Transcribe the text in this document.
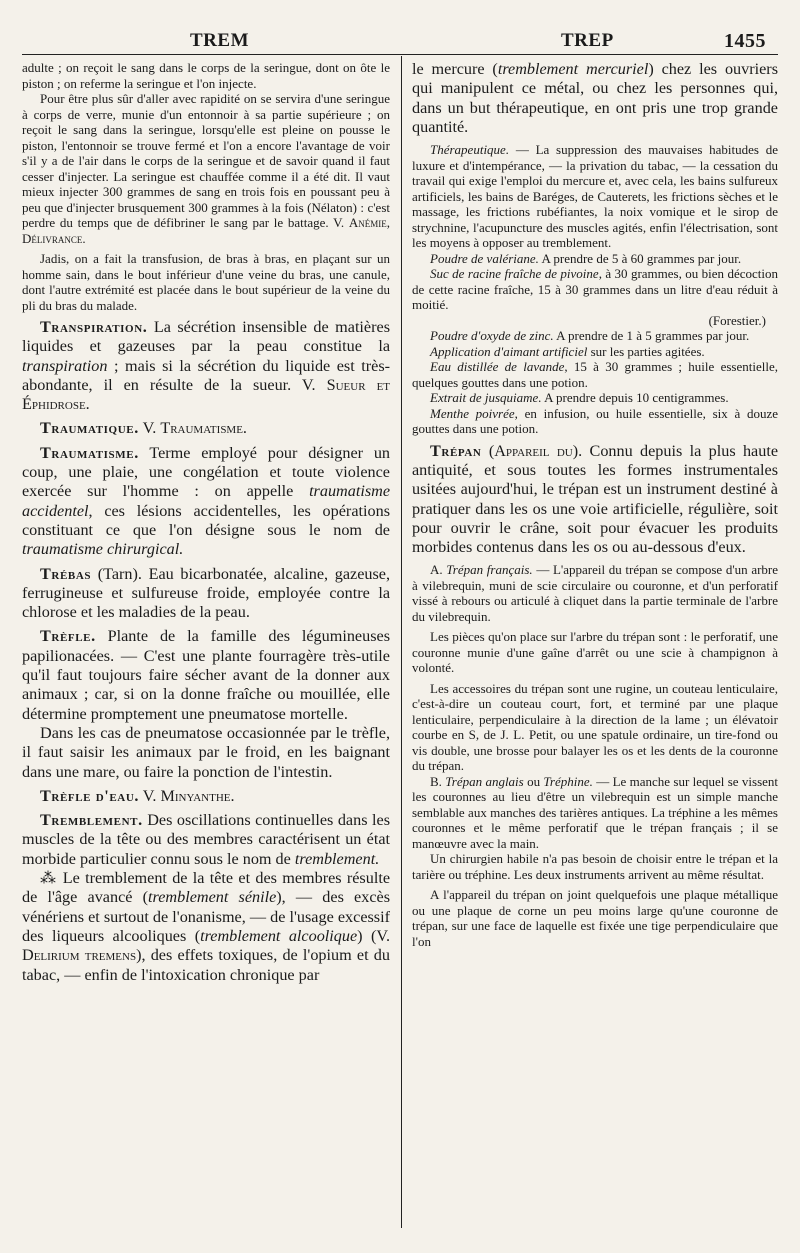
TREM	TREP	1455

adulte ; on reçoit le sang dans le corps de la seringue, dont on ôte le piston ; on referme la seringue et l'on injecte.

Pour être plus sûr d'aller avec rapidité on se servira d'une seringue à corps de verre, munie d'un entonnoir à sa partie supérieure ; on reçoit le sang dans la seringue, lorsqu'elle est pleine on pousse le piston, l'entonnoir se trouve fermé et l'on a encore l'avantage de voir s'il y a de l'air dans le corps de la seringue et de savoir quand il faut cesser d'injecter. La seringue est chauffée comme il a été dit. Il vaut mieux injecter 300 grammes de sang en trois fois en poussant peu à peu que d'injecter brusquement 300 grammes à la fois (Nélaton) : c'est perdre du temps que de défibriner le sang par le battage. V. Anémie, Délivrance.

Jadis, on a fait la transfusion, de bras à bras, en plaçant sur un homme sain, dans le bout inférieur d'une veine du bras, une canule, dont l'autre extrémité est placée dans le bout supérieur de la veine du pli du bras du malade.

Transpiration. La sécrétion insensible de matières liquides et gazeuses par la peau constitue la transpiration ; mais si la sécrétion du liquide est très-abondante, il en résulte de la sueur. V. Sueur et Éphidrose.

Traumatique. V. Traumatisme.

Traumatisme. Terme employé pour désigner un coup, une plaie, une congélation et toute violence exercée sur l'homme : on appelle traumatisme accidentel, ces lésions accidentelles, les opérations constituant ce que l'on désigne sous le nom de traumatisme chirurgical.

Trébas (Tarn). Eau bicarbonatée, alcaline, gazeuse, ferrugineuse et sulfureuse froide, employée contre la chlorose et les maladies de la peau.

Trèfle. Plante de la famille des légumineuses papilionacées. — C'est une plante fourragère très-utile qu'il faut toujours faire sécher avant de la donner aux animaux ; car, si on la donne fraîche ou mouillée, elle détermine promptement une pneumatose mortelle.

Dans les cas de pneumatose occasionnée par le trèfle, il faut saisir les animaux par le froid, en les baignant dans une mare, ou faire la ponction de l'intestin.

Trèfle d'eau. V. Minyanthe.

Tremblement. Des oscillations continuelles dans les muscles de la tête ou des membres caractérisent un état morbide particulier connu sous le nom de tremblement.

⁂ Le tremblement de la tête et des membres résulte de l'âge avancé (tremblement sénile), — des excès vénériens et surtout de l'onanisme, — de l'usage excessif des liqueurs alcooliques (tremblement alcoolique) (V. Delirium tremens), des effets toxiques, de l'opium et du tabac, — enfin de l'intoxication chronique par

le mercure (tremblement mercuriel) chez les ouvriers qui manipulent ce métal, ou chez les personnes qui, dans un but thérapeutique, en ont pris une trop grande quantité.

Thérapeutique. — La suppression des mauvaises habitudes de luxure et d'intempérance, — la privation du tabac, — la cessation du travail qui exige l'emploi du mercure et, avec cela, les bains sulfureux artificiels, les bains de Baréges, de Cauterets, les frictions sèches et le massage, les frictions rubéfiantes, la noix vomique et le sirop de strychnine, l'acupuncture des muscles agités, enfin l'électrisation, sont les moyens à opposer au tremblement.

Poudre de valériane. A prendre de 5 à 60 grammes par jour.

Suc de racine fraîche de pivoine, à 30 grammes, ou bien décoction de cette racine fraîche, 15 à 30 grammes dans un litre d'eau réduit à moitié.

(Forestier.)

Poudre d'oxyde de zinc. A prendre de 1 à 5 grammes par jour.

Application d'aimant artificiel sur les parties agitées.

Eau distillée de lavande, 15 à 30 grammes ; huile essentielle, quelques gouttes dans une potion.

Extrait de jusquiame. A prendre depuis 10 centigrammes.

Menthe poivrée, en infusion, ou huile essentielle, six à douze gouttes dans une potion.

Trépan (Appareil du). Connu depuis la plus haute antiquité, et sous toutes les formes instrumentales usitées aujourd'hui, le trépan est un instrument destiné à pratiquer dans les os une voie artificielle, régulière, soit pour ouvrir le crâne, soit pour évacuer les produits morbides contenus dans les os ou au-dessous d'eux.

A. Trépan français. — L'appareil du trépan se compose d'un arbre à vilebrequin, muni de scie circulaire ou couronne, et d'un perforatif vissé à rebours ou articulé à cliquet dans la partie terminale de l'arbre du vilebrequin.

Les pièces qu'on place sur l'arbre du trépan sont : le perforatif, une couronne munie d'une gaîne d'arrêt ou une scie à champignon à volonté.

Les accessoires du trépan sont une rugine, un couteau lenticulaire, c'est-à-dire un couteau court, fort, et terminé par une plaque lenticulaire, perpendiculaire à la direction de la lame ; un élévatoir courbe en S, de J. L. Petit, ou une spatule ordinaire, un tire-fond ou vis double, une brosse pour balayer les os et les dents de la couronne du trépan.

B. Trépan anglais ou Tréphine. — Le manche sur lequel se vissent les couronnes au lieu d'être un vilebrequin est un simple manche semblable aux manches des tarières antiques. La tréphine a les mêmes couronnes et le même perforatif que le trépan français ; il se manœuvre avec la main.

Un chirurgien habile n'a pas besoin de choisir entre le trépan et la tarière ou tréphine. Les deux instruments arrivent au même résultat.

A l'appareil du trépan on joint quelquefois une plaque métallique ou une plaque de corne un peu moins large qu'une couronne de trépan, sur une face de laquelle est fixée une tige perpendiculaire que l'on
